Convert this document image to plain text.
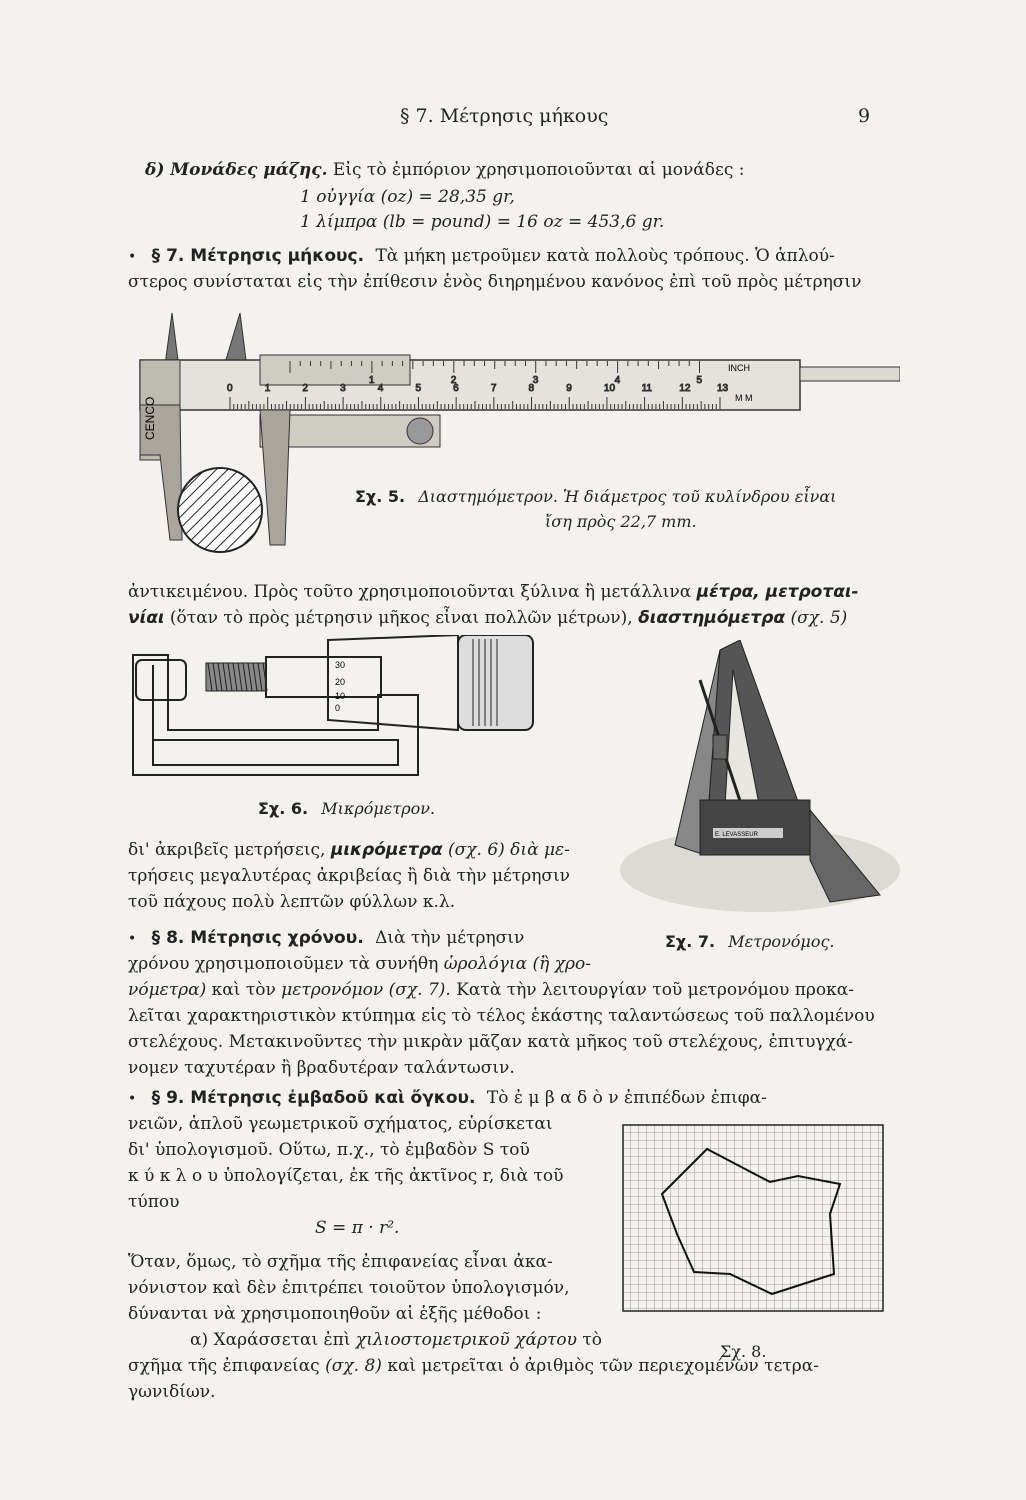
§ 7. Μέτρησις μήκους	9
δ) Μονάδες μάζης. Εἰς τὸ ἐμπόριον χρησιμοποιοῦνται αἱ μονάδες :
1 οὐγγία (oz) = 28,35 gr,
1 λίμπρα (lb = pound) = 16 oz = 453,6 gr.
• § 7. Μέτρησις μήκους. Τὰ μήκη μετροῦμεν κατὰ πολλοὺς τρόπους. Ὁ ἁπλού-
στερος συνίσταται εἰς τὴν ἐπίθεσιν ἑνὸς διηρημένου κανόνος ἐπὶ τοῦ πρὸς μέτρησιν
1	2	3	4	5
0	1	2	3	4	5	6	7	8	9	10	11	12	13
CENCO
INCH
M M
Σχ. 5. Διαστημόμετρον. Ἡ διάμετρος τοῦ κυλίνδρου εἶναι
ἴση πρὸς 22,7 mm.
ἀντικειμένου. Πρὸς τοῦτο χρησιμοποιοῦνται ξύλινα ἢ μετάλλινα μέτρα, μετροται-
νίαι (ὅταν τὸ πρὸς μέτρησιν μῆκος εἶναι πολλῶν μέτρων), διαστημόμετρα (σχ. 5)
30
20
10
0
Σχ. 6. Μικρόμετρον.
δι' ἀκριβεῖς μετρήσεις, μικρόμετρα (σχ. 6) διὰ με-
τρήσεις μεγαλυτέρας ἀκριβείας ἢ διὰ τὴν μέτρησιν
τοῦ πάχους πολὺ λεπτῶν φύλλων κ.λ.
E. LEVASSEUR
Σχ. 7. Μετρονόμος.
• § 8. Μέτρησις χρόνου. Διὰ τὴν μέτρησιν
χρόνου χρησιμοποιοῦμεν τὰ συνήθη ὡρολόγια (ἢ χρο-
νόμετρα) καὶ τὸν μετρονόμον (σχ. 7). Κατὰ τὴν λειτουργίαν τοῦ μετρονόμου προκα-
λεῖται χαρακτηριστικὸν κτύπημα εἰς τὸ τέλος ἑκάστης ταλαντώσεως τοῦ παλλομένου
στελέχους. Μετακινοῦντες τὴν μικρὰν μᾶζαν κατὰ μῆκος τοῦ στελέχους, ἐπιτυγχά-
νομεν ταχυτέραν ἢ βραδυτέραν ταλάντωσιν.
• § 9. Μέτρησις ἐμβαδοῦ καὶ ὄγκου. Τὸ ἐ μ β α δ ὸ ν ἐπιπέδων ἐπιφα-
νειῶν, ἁπλοῦ γεωμετρικοῦ σχήματος, εὑρίσκεται
δι' ὑπολογισμοῦ. Οὕτω, π.χ., τὸ ἐμβαδὸν S τοῦ
κ ύ κ λ ο υ ὑπολογίζεται, ἐκ τῆς ἀκτῖνος r, διὰ τοῦ
τύπου
S = π · r².
Ὅταν, ὅμως, τὸ σχῆμα τῆς ἐπιφανείας εἶναι ἀκα-
νόνιστον καὶ δὲν ἐπιτρέπει τοιοῦτον ὑπολογισμόν,
δύνανται νὰ χρησιμοποιηθοῦν αἱ ἑξῆς μέθοδοι :
α) Χαράσσεται ἐπὶ χιλιοστομετρικοῦ χάρτου τὸ
σχῆμα τῆς ἐπιφανείας (σχ. 8) καὶ μετρεῖται ὁ ἀριθμὸς τῶν περιεχομένων τετρα-
γωνιδίων.
Σχ. 8.
